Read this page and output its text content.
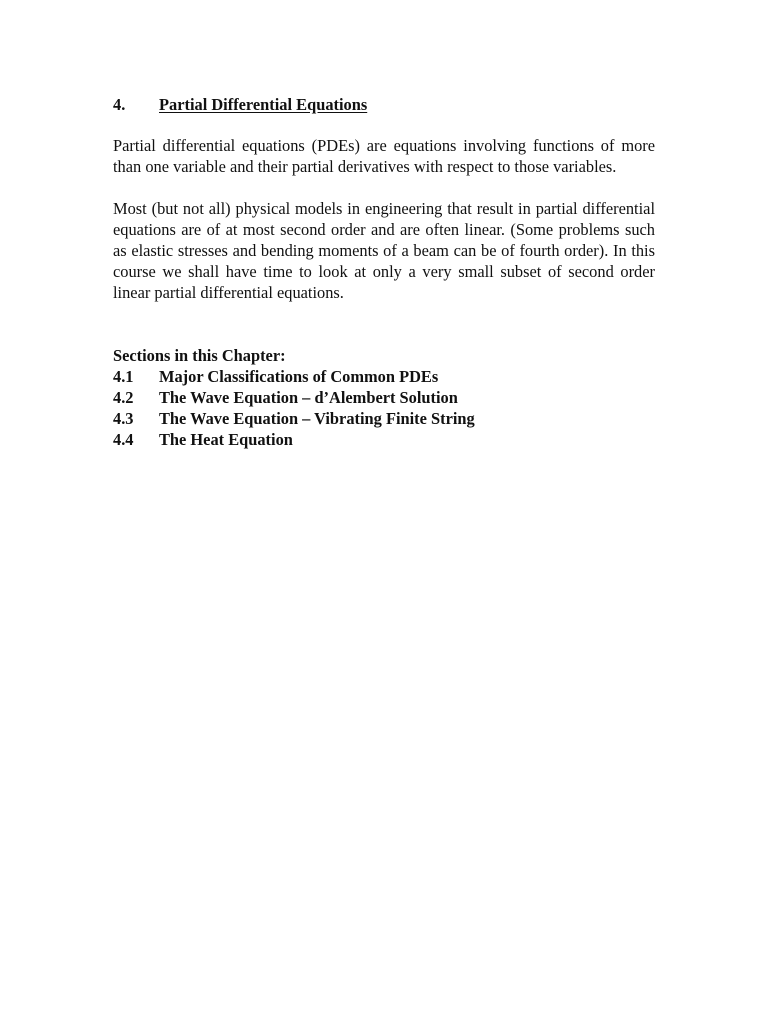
4.	Partial Differential Equations

Partial differential equations (PDEs) are equations involving functions of more than one variable and their partial derivatives with respect to those variables.

Most (but not all) physical models in engineering that result in partial differential equations are of at most second order and are often linear. (Some problems such as elastic stresses and bending moments of a beam can be of fourth order). In this course we shall have time to look at only a very small subset of second order linear partial differential equations.

Sections in this Chapter:
4.1	Major Classifications of Common PDEs
4.2	The Wave Equation – d’Alembert Solution
4.3	The Wave Equation – Vibrating Finite String
4.4	The Heat Equation
